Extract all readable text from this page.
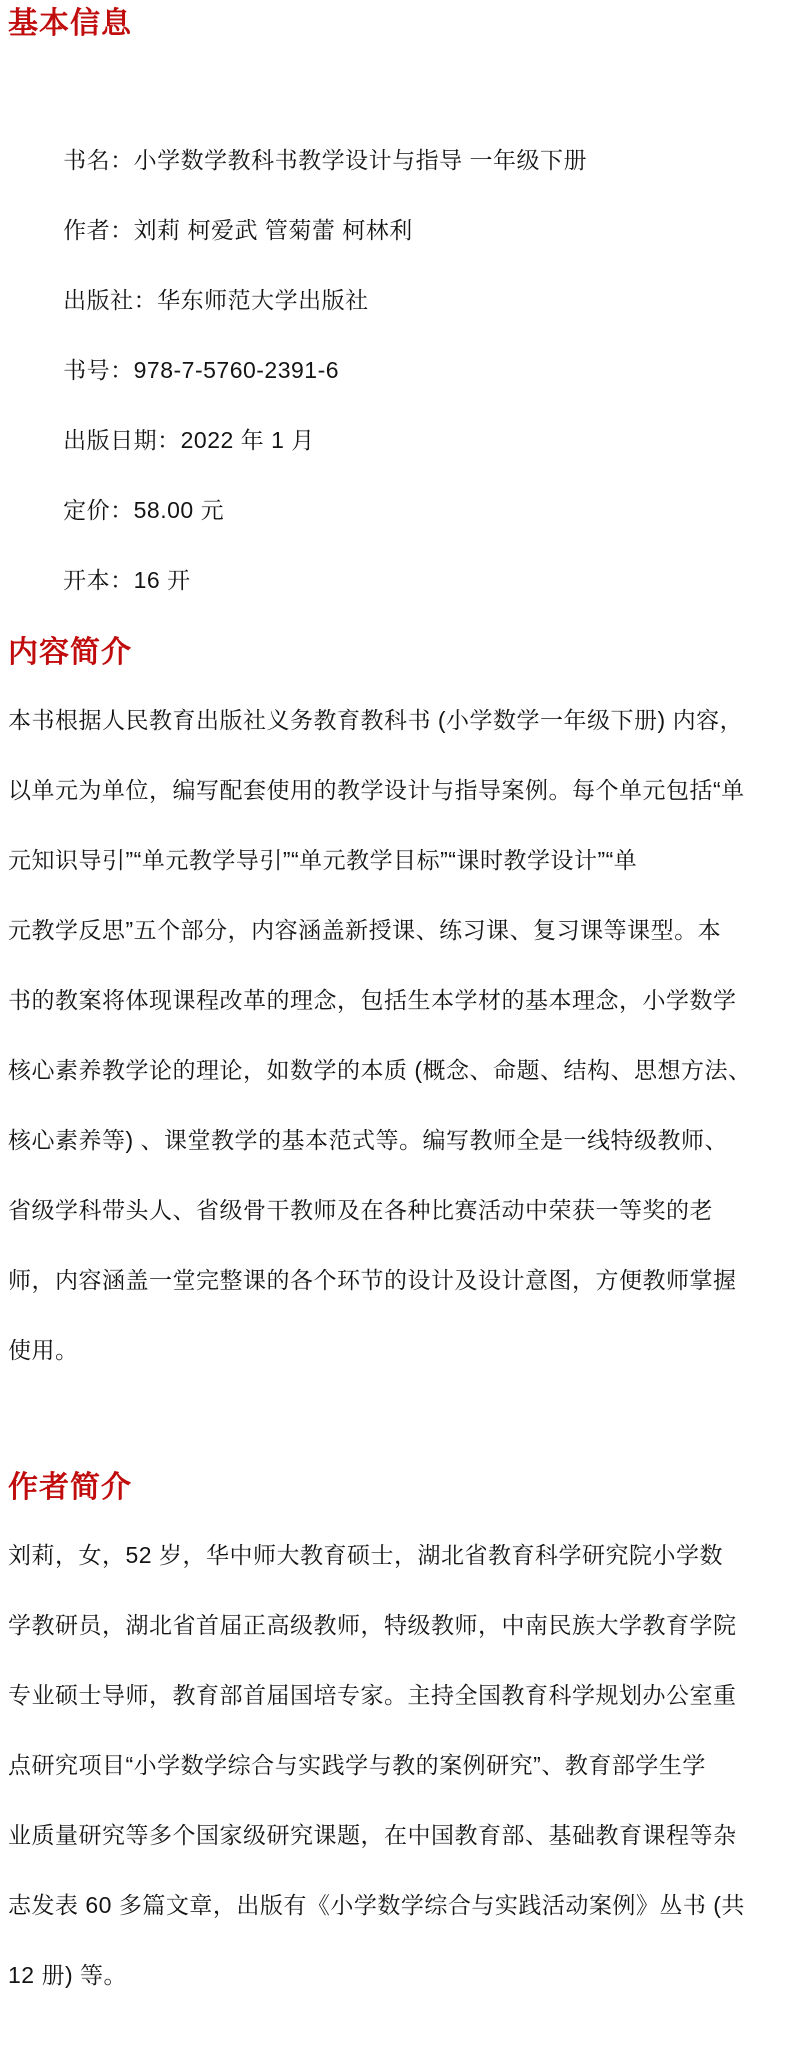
基本信息

书名：小学数学教科书教学设计与指导 一年级下册

作者：刘莉 柯爱武 管菊蕾 柯林利

出版社：华东师范大学出版社

书号：978-7-5760-2391-6

出版日期：2022 年 1 月

定价：58.00 元

开本：16 开

内容简介
本书根据人民教育出版社义务教育教科书 (小学数学一年级下册) 内容，
以单元为单位，编写配套使用的教学设计与指导案例。每个单元包括“单
元知识导引”“单元教学导引”“单元教学目标”“课时教学设计”“单
元教学反思”五个部分，内容涵盖新授课、练习课、复习课等课型。本
书的教案将体现课程改革的理念，包括生本学材的基本理念，小学数学
核心素养教学论的理论，如数学的本质 (概念、命题、结构、思想方法、
核心素养等) 、课堂教学的基本范式等。编写教师全是一线特级教师、
省级学科带头人、省级骨干教师及在各种比赛活动中荣获一等奖的老
师，内容涵盖一堂完整课的各个环节的设计及设计意图，方便教师掌握
使用。
作者简介
刘莉，女，52 岁，华中师大教育硕士，湖北省教育科学研究院小学数
学教研员，湖北省首届正高级教师，特级教师，中南民族大学教育学院
专业硕士导师，教育部首届国培专家。主持全国教育科学规划办公室重
点研究项目“小学数学综合与实践学与教的案例研究”、教育部学生学
业质量研究等多个国家级研究课题，在中国教育部、基础教育课程等杂
志发表 60 多篇文章，出版有《小学数学综合与实践活动案例》丛书 (共
12 册) 等。
